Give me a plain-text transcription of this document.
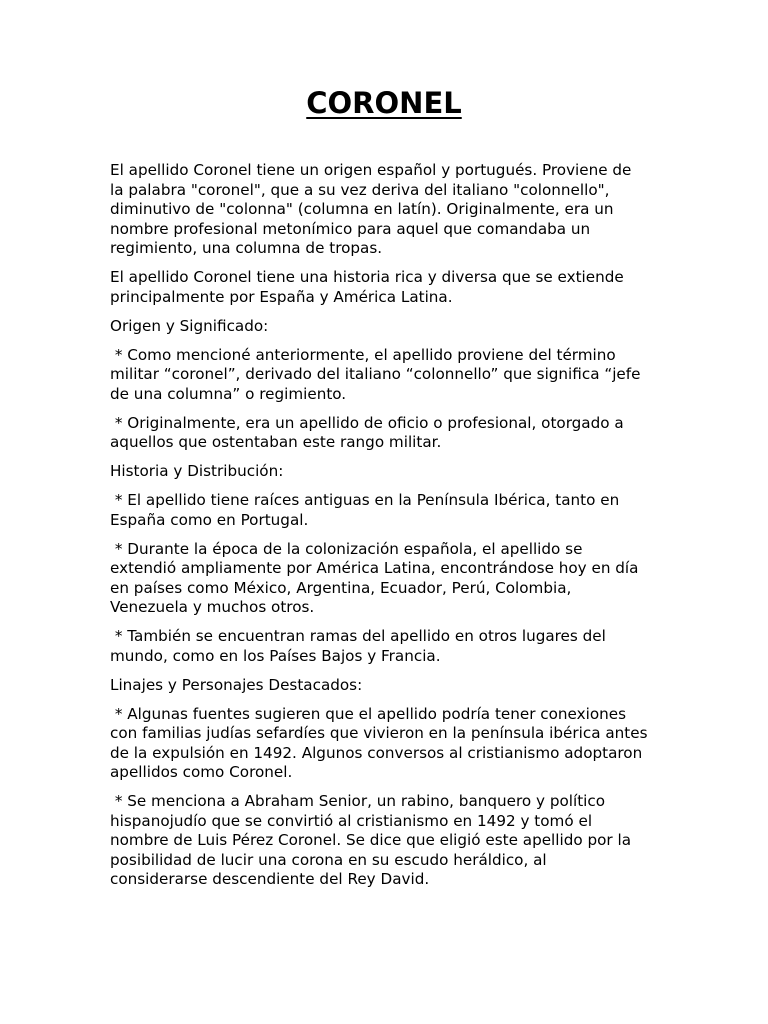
CORONEL

El apellido Coronel tiene un origen español y portugués. Proviene de
la palabra "coronel", que a su vez deriva del italiano "colonnello",
diminutivo de "colonna" (columna en latín). Originalmente, era un
nombre profesional metonímico para aquel que comandaba un
regimiento, una columna de tropas.

El apellido Coronel tiene una historia rica y diversa que se extiende
principalmente por España y América Latina.

Origen y Significado:

* Como mencioné anteriormente, el apellido proviene del término
militar “coronel”, derivado del italiano “colonnello” que significa “jefe
de una columna” o regimiento.

* Originalmente, era un apellido de oficio o profesional, otorgado a
aquellos que ostentaban este rango militar.

Historia y Distribución:

* El apellido tiene raíces antiguas en la Península Ibérica, tanto en
España como en Portugal.

* Durante la época de la colonización española, el apellido se
extendió ampliamente por América Latina, encontrándose hoy en día
en países como México, Argentina, Ecuador, Perú, Colombia,
Venezuela y muchos otros.

* También se encuentran ramas del apellido en otros lugares del
mundo, como en los Países Bajos y Francia.

Linajes y Personajes Destacados:

* Algunas fuentes sugieren que el apellido podría tener conexiones
con familias judías sefardíes que vivieron en la península ibérica antes
de la expulsión en 1492. Algunos conversos al cristianismo adoptaron
apellidos como Coronel.

* Se menciona a Abraham Senior, un rabino, banquero y político
hispanojudío que se convirtió al cristianismo en 1492 y tomó el
nombre de Luis Pérez Coronel. Se dice que eligió este apellido por la
posibilidad de lucir una corona en su escudo heráldico, al
considerarse descendiente del Rey David.
